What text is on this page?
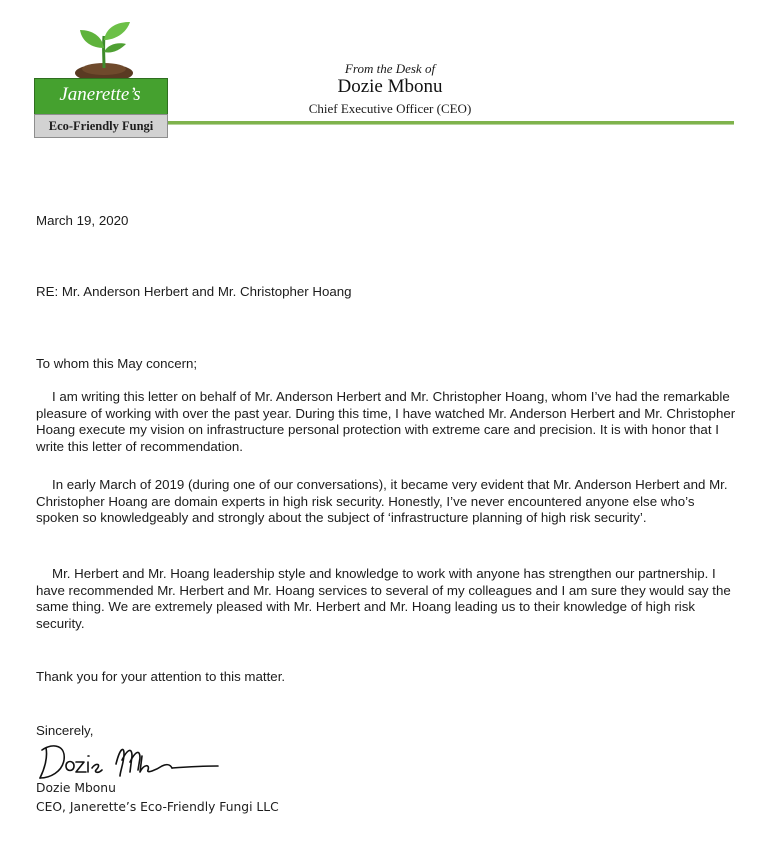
Janerette’s
Eco-Friendly Fungi
From the Desk of
Dozie Mbonu
Chief Executive Officer (CEO)
March 19, 2020
RE: Mr. Anderson Herbert and Mr. Christopher Hoang
To whom this May concern;
I am writing this letter on behalf of Mr. Anderson Herbert and Mr. Christopher Hoang, whom I’ve had the remarkable pleasure of working with over the past year. During this time, I have watched Mr. Anderson Herbert and Mr. Christopher Hoang execute my vision on infrastructure personal protection with extreme care and precision. It is with honor that I write this letter of recommendation.
In early March of 2019 (during one of our conversations), it became very evident that Mr. Anderson Herbert and Mr. Christopher Hoang are domain experts in high risk security. Honestly, I’ve never encountered anyone else who’s spoken so knowledgeably and strongly about the subject of ‘infrastructure planning of high risk security’.
Mr. Herbert and Mr. Hoang leadership style and knowledge to work with anyone has strengthen our partnership. I have recommended Mr. Herbert and Mr. Hoang services to several of my colleagues and I am sure they would say the same thing. We are extremely pleased with Mr. Herbert and Mr. Hoang leading us to their knowledge of high risk security.
Thank you for your attention to this matter.
Sincerely,
Dozie Mbonu
CEO, Janerette’s Eco-Friendly Fungi LLC
